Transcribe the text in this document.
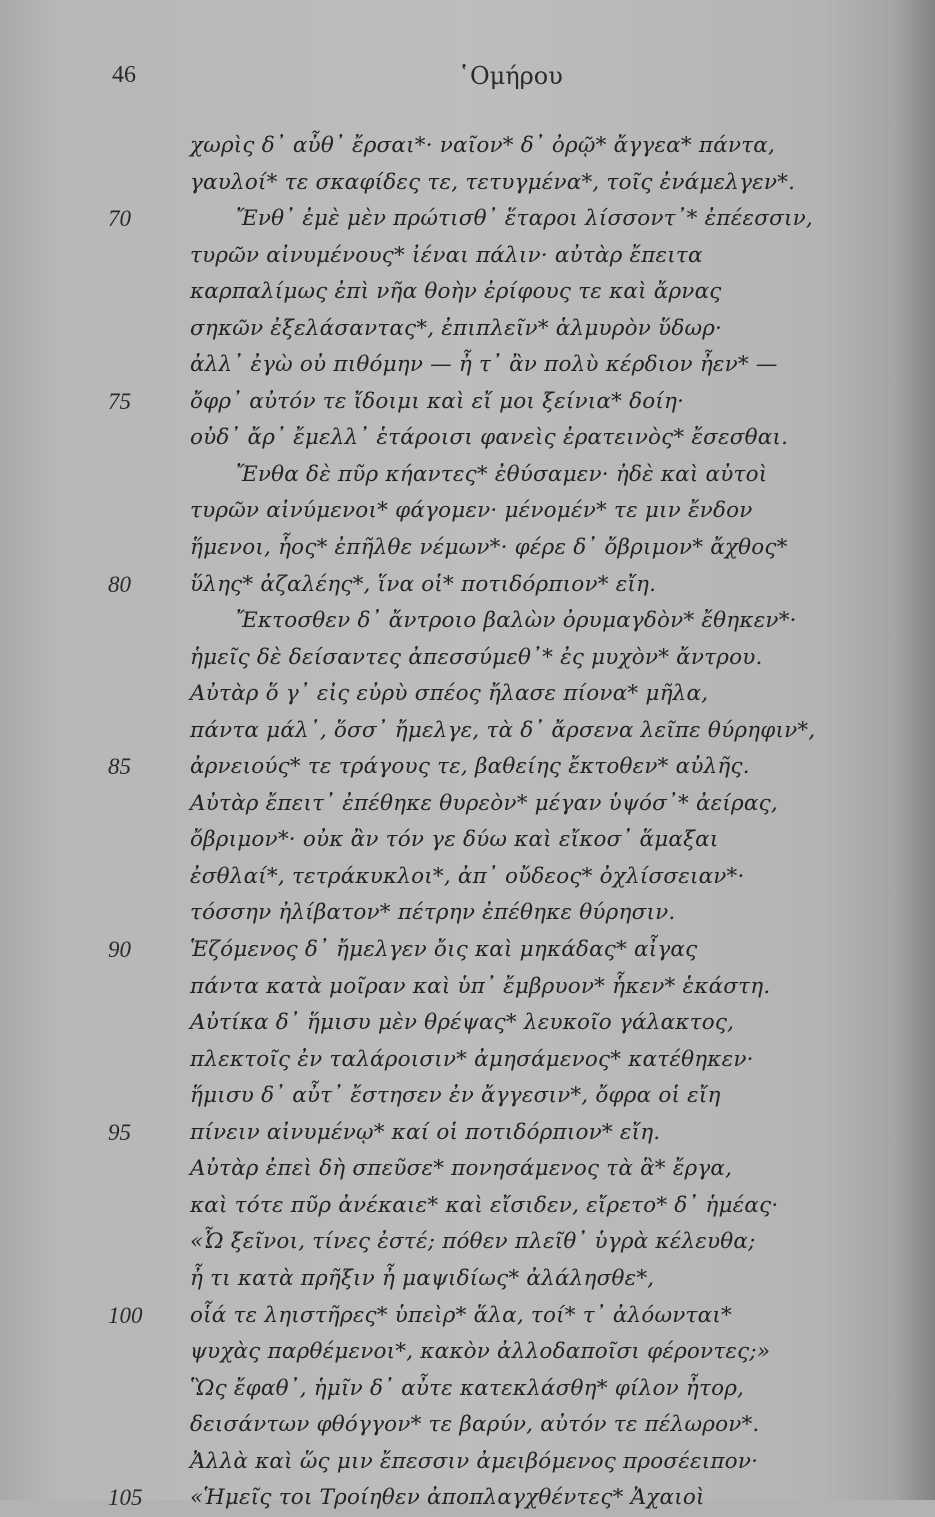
46	῾Ομήρου
χωρὶς δ᾽ αὖθ᾽ ἔρσαι*· ναῖον* δ᾽ ὀρῷ* ἄγγεα* πάντα,
γαυλοί* τε σκαφίδες τε, τετυγμένα*, τοῖς ἐνάμελγεν*.
70	Ἔνθ᾽ ἐμὲ μὲν πρώτισθ᾽ ἕταροι λίσσοντ᾽* ἐπέεσσιν,
τυρῶν αἰνυμένους* ἰέναι πάλιν· αὐτὰρ ἔπειτα
καρπαλίμως ἐπὶ νῆα θοὴν ἐρίφους τε καὶ ἄρνας
σηκῶν ἐξελάσαντας*, ἐπιπλεῖν* ἁλμυρὸν ὕδωρ·
ἀλλ᾽ ἐγὼ οὐ πιθόμην — ἦ τ᾽ ἂν πολὺ κέρδιον ἦεν* —
75	ὄφρ᾽ αὐτόν τε ἴδοιμι καὶ εἴ μοι ξείνια* δοίη·
οὐδ᾽ ἄρ᾽ ἔμελλ᾽ ἑτάροισι φανεὶς ἐρατεινὸς* ἔσεσθαι.
Ἔνθα δὲ πῦρ κήαντες* ἐθύσαμεν· ἠδὲ καὶ αὐτοὶ
τυρῶν αἰνύμενοι* φάγομεν· μένομέν* τε μιν ἔνδον
ἥμενοι, ἧος* ἐπῆλθε νέμων*· φέρε δ᾽ ὄβριμον* ἄχθος*
80	ὕλης* ἀζαλέης*, ἵνα οἱ* ποτιδόρπιον* εἴη.
Ἔκτοσθεν δ᾽ ἄντροιο βαλὼν ὀρυμαγδὸν* ἔθηκεν*·
ἡμεῖς δὲ δείσαντες ἀπεσσύμεθ᾽* ἐς μυχὸν* ἄντρου.
Αὐτὰρ ὅ γ᾽ εἰς εὐρὺ σπέος ἤλασε πίονα* μῆλα,
πάντα μάλ᾽, ὅσσ᾽ ἤμελγε, τὰ δ᾽ ἄρσενα λεῖπε θύρηφιν*,
85	ἀρνειούς* τε τράγους τε, βαθείης ἔκτοθεν* αὐλῆς.
Αὐτὰρ ἔπειτ᾽ ἐπέθηκε θυρεὸν* μέγαν ὑψόσ᾽* ἀείρας,
ὄβριμον*· οὐκ ἂν τόν γε δύω καὶ εἴκοσ᾽ ἅμαξαι
ἐσθλαί*, τετράκυκλοι*, ἀπ᾽ οὔδεος* ὀχλίσσειαν*·
τόσσην ἠλίβατον* πέτρην ἐπέθηκε θύρησιν.
90	Ἑζόμενος δ᾽ ἤμελγεν ὄις καὶ μηκάδας* αἶγας
πάντα κατὰ μοῖραν καὶ ὑπ᾽ ἔμβρυον* ἧκεν* ἑκάστη.
Αὐτίκα δ᾽ ἥμισυ μὲν θρέψας* λευκοῖο γάλακτος,
πλεκτοῖς ἐν ταλάροισιν* ἀμησάμενος* κατέθηκεν·
ἥμισυ δ᾽ αὖτ᾽ ἔστησεν ἐν ἄγγεσιν*, ὄφρα οἱ εἴη
95	πίνειν αἰνυμένῳ* καί οἱ ποτιδόρπιον* εἴη.
Αὐτὰρ ἐπεὶ δὴ σπεῦσε* πονησάμενος τὰ ἃ* ἔργα,
καὶ τότε πῦρ ἀνέκαιε* καὶ εἴσιδεν, εἴρετο* δ᾽ ἡμέας·
«Ὦ ξεῖνοι, τίνες ἐστέ; πόθεν πλεῖθ᾽ ὑγρὰ κέλευθα;
ἦ τι κατὰ πρῆξιν ἦ μαψιδίως* ἀλάλησθε*,
100 οἷά τε ληιστῆρες* ὑπεὶρ* ἅλα, τοί* τ᾽ ἀλόωνται*
ψυχὰς παρθέμενοι*, κακὸν ἀλλοδαποῖσι φέροντες;»
Ὣς ἔφαθ᾽, ἡμῖν δ᾽ αὖτε κατεκλάσθη* φίλον ἦτορ,
δεισάντων φθόγγον* τε βαρύν, αὐτόν τε πέλωρον*.
Ἀλλὰ καὶ ὥς μιν ἔπεσσιν ἀμειβόμενος προσέειπον·
105 «Ἡμεῖς τοι Τροίηθεν ἀποπλαγχθέντες* Ἀχαιοὶ
